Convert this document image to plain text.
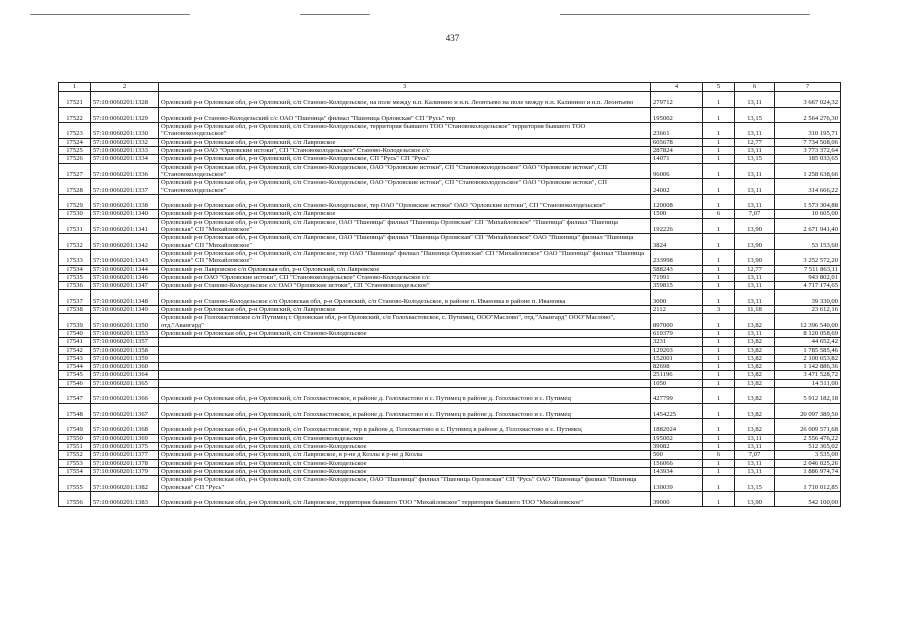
437
1	2	3	4	5	6	7
17521	57:10:0060201:1328	Орловский р-н Орловская обл, р-н Орловский, с/п Становo-Колодезьское, на поле между н.п. Калинино и н.п. Леонтьево на поле между н.п. Калинино и н.п. Леонтьево	279712	1	13,11	3 667 024,32
17522	57:10:0060201:1329	Орловский р-н Становo-Колодезьский с/с ОАО "Пшеница" филиал "Пшеница Орловская" СП "Русь" тер	195002	1	13,15	2 564 276,30
17523	57:10:0060201:1330	Орловский р-н Орловская обл, р-н Орловский, с/п Становo-Колодезьское, территория бывшего ТОО "Становоколодезьское" территория бывшего ТОО "Становоколодезьское"	23661	1	13,11	310 195,71
17524	57:10:0060201:1332	Орловский р-н Орловская обл, р-н Орловский, с/п Лавровское	605678	1	12,77	7 734 508,06
17525	57:10:0060201:1333	Орловский р-н ОАО "Орловские истоки", СП "Становоколодезьское" Становo-Колодезьское с/с	287824	1	13,11	3 773 372,64
17526	57:10:0060201:1334	Орловский р-н Орловская обл, р-н Орловский, с/п Становo-Колодезьское, СП "Русь" СП "Русь"	14071	1	13,15	185 033,65
17527	57:10:0060201:1336	Орловский р-н Орловская обл, р-н Орловский, с/п Становo-Колодезьское, ОАО "Орловские истоки", СП "Становоколодезьское" ОАО "Орловские истоки", СП "Становоколодезьское"	96006	1	13,11	1 258 638,66
17528	57:10:0060201:1337	Орловский р-н Орловская обл, р-н Орловский, с/п Становo-Колодезьское, ОАО "Орловские истоки", СП "Становоколодезьское" ОАО "Орловские истоки", СП "Становоколодезьское"	24002	1	13,11	314 666,22
17529	57:10:0060201:1338	Орловский р-н Орловская обл, р-н Орловский, с/п Становo-Колодезьское, тер ОАО "Орловские истоки" ОАО "Орловские истоки", СП "Становоколодезьское"	120008	1	13,11	1 573 304,88
17530	57:10:0060201:1340	Орловский р-н Орловская обл, р-н Орловский, с/п Лавровское	1500	6	7,07	10 605,00
17531	57:10:0060201:1341	Орловский р-н Орловская обл, р-н Орловский, с/п Лавровское, ОАО "Пшеница" филиал "Пшеница Орловская" СП "Михайловское" "Пшеница" филиал "Пшеница Орловская" СП "Михайловское"	192226	1	13,90	2 671 941,40
17532	57:10:0060201:1342	Орловский р-н Орловская обл, р-н Орловский, с/п Лавровское, ОАО "Пшеница" филиал "Пшеница Орловская" СП "Михайловское" ОАО "Пшеница" филиал "Пшеница Орловская" СП "Михайловское"	3824	1	13,90	53 153,60
17533	57:10:0060201:1343	Орловский р-н Орловская обл, р-н Орловский, с/п Лавровское, тер ОАО "Пшеница" филиал "Пшеница Орловская" СП "Михайловское" ОАО "Пшеница" филиал "Пшеница Орловская" СП "Михайловское"	233998	1	13,90	3 252 572,20
17534	57:10:0060201:1344	Орловский р-н Лавровское с/п Орловская обл, р-н Орловский, с/п Лавровское	588243	1	12,77	7 511 863,11
17535	57:10:0060201:1346	Орловский р-н ОАО "Орловские истоки", СП "Становоколодезьское" Становo-Колодезьское с/с	71991	1	13,11	943 802,01
17536	57:10:0060201:1347	Орловский р-н Становo-Колодезьское с/с ОАО "Орловские истоки", СП "Становоколодезьское"	359815	1	13,11	4 717 174,65
17537	57:10:0060201:1348	Орловский р-н Становo-Колодезьское с/п Орловская обл, р-н Орловский, с/п Становo-Колодезьское, в районе п. Ивановка в районе п. Ивановка	3000	1	13,11	39 330,00
17538	57:10:0060201:1349	Орловский р-н Орловская обл, р-н Орловский, с/п Лавровское	2112	3	11,18	23 612,16
17539	57:10:0060201:1350	Орловский р-н Голохвастовское с/п Путимец с Орловская обл, р-н Орловский, с/п Голохвастовское, с. Путимец, ООО"Маслово", отд."Авангард" ООО"Маслово", отд."Авангард"	897000	1	13,82	12 396 540,00
17540	57:10:0060201:1353	Орловский р-н Орловская обл, р-н Орловский, с/п Становo-Колодезьское	619379	1	13,11	8 120 058,69
17541	57:10:0060201:1357		3231	1	13,82	44 652,42
17542	57:10:0060201:1358		129203	1	13,82	1 785 585,46
17543	57:10:0060201:1359		152001	1	13,82	2 100 653,82
17544	57:10:0060201:1360		82698	1	13,82	1 142 886,36
17545	57:10:0060201:1364		251196	1	13,82	3 471 528,72
17546	57:10:0060201:1365		1050	1	13,82	14 511,00
17547	57:10:0060201:1366	Орловский р-н Орловская обл, р-н Орловский, с/п Голохвастовское, в районе д. Голохвастово и с. Путимец в районе д. Голохвастово и с. Путимец	427799	1	13,82	5 912 182,18
17548	57:10:0060201:1367	Орловский р-н Орловская обл, р-н Орловский, с/п Голохвастовское, в районе д. Голохвастово и с. Путимец в районе д. Голохвастово и с. Путимец	1454225	1	13,82	20 097 389,50
17549	57:10:0060201:1368	Орловский р-н Орловская обл, р-н Орловский, с/п Голохвастовское, тер в районе д. Голохвастово и с. Путимец в районе д. Голохвастово и с. Путимец	1882024	1	13,82	26 009 571,68
17550	57:10:0060201:1369	Орловский р-н Орловская обл, р-н Орловский, с/п Становoколодезьское	195002	1	13,11	2 556 476,22
17551	57:10:0060201:1375	Орловский р-н Орловская обл, р-н Орловский, с/п Становo-Колодезьское	39082	1	13,11	512 365,02
17552	57:10:0060201:1377	Орловский р-н Орловская обл, р-н Орловский, с/п Лавровское, в р-не д Козлы в р-не д Козлы	500	6	7,07	3 535,00
17553	57:10:0060201:1378	Орловский р-н Орловская обл, р-н Орловский, с/п Становo-Колодезьское	156066	1	13,11	2 046 025,26
17554	57:10:0060201:1379	Орловский р-н Орловская обл, р-н Орловский, с/п Становo-Колодезьское	143934	1	13,11	1 886 974,74
17555	57:10:0060201:1382	Орловский р-н Орловская обл, р-н Орловский, с/п Становo-Колодезьское, ОАО "Пшеница" филиал "Пшеница Орловская" СП "Русь" ОАО "Пшеница" филиал "Пшеница Орловская" СП "Русь"	130039	1	13,15	1 710 012,85
17556	57:10:0060201:1383	Орловский р-н Орловская обл, р-н Орловский, с/п Лавровское, территория бывшего ТОО "Михайловское" территория бывшего ТОО "Михайловское"	39000	1	13,90	542 100,00
